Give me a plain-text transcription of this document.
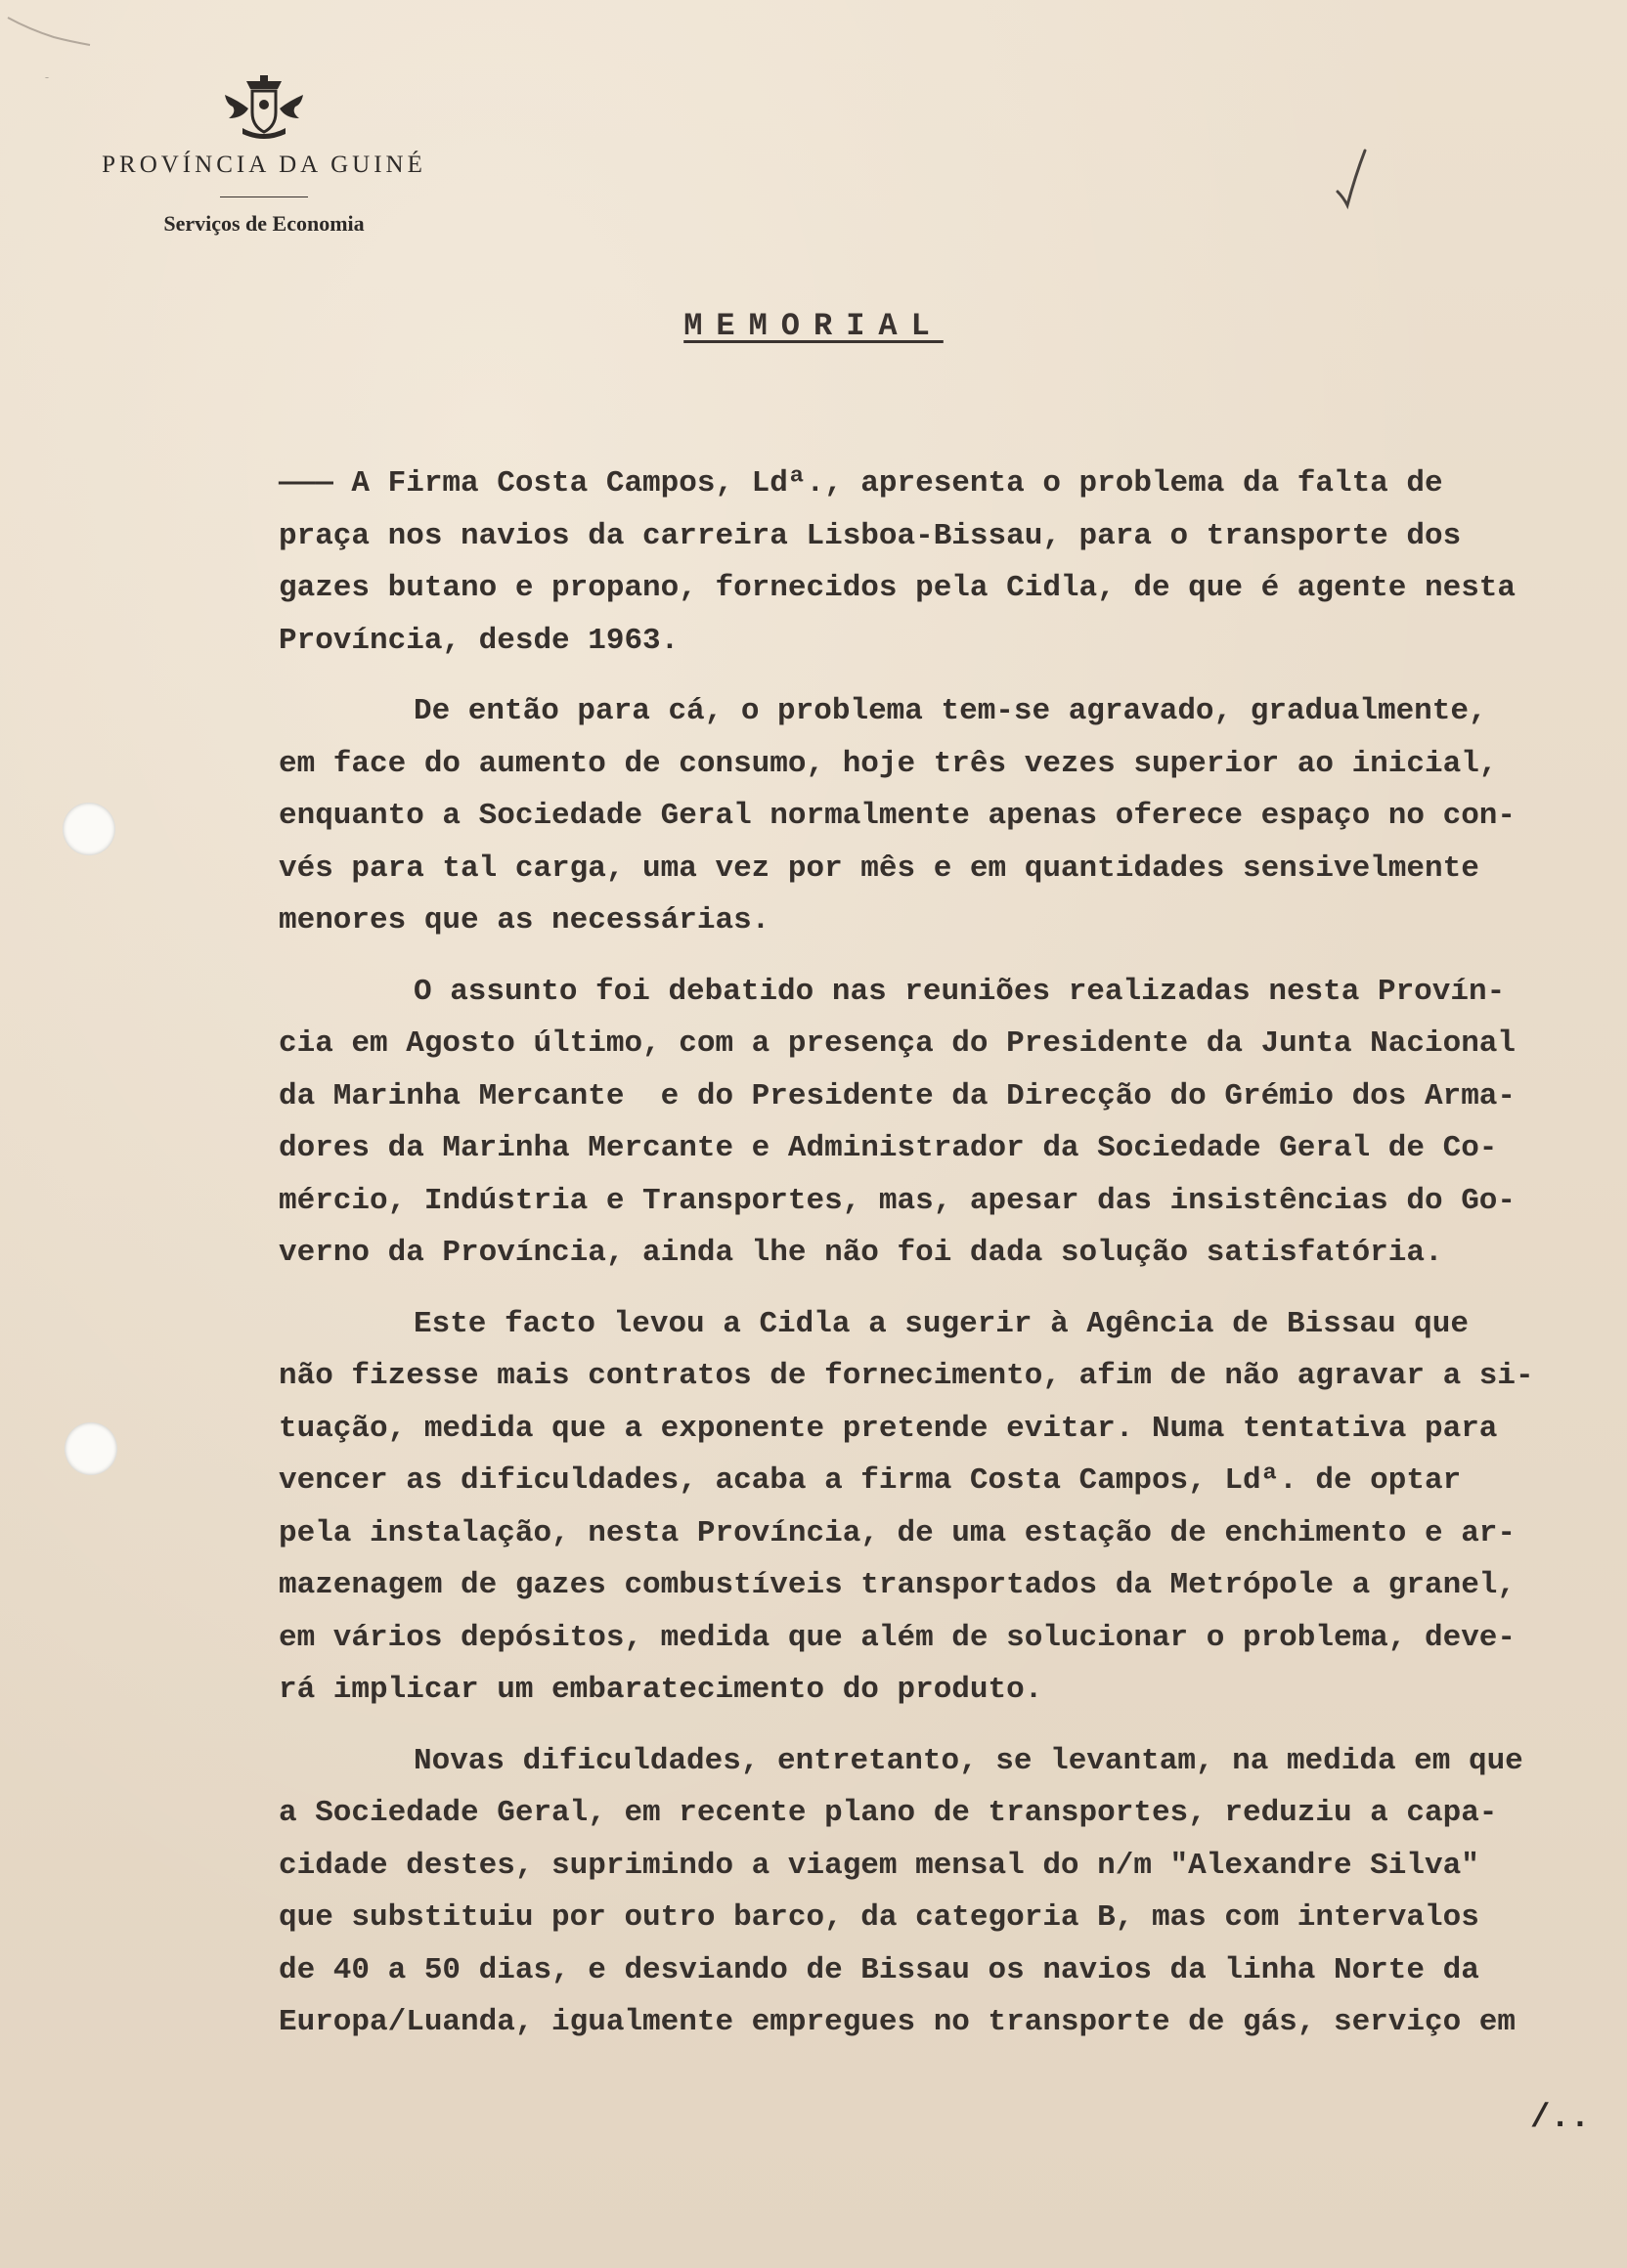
PROVÍNCIA DA GUINÉ
Serviços de Economia
MEMORIAL
——— A Firma Costa Campos, Ldª., apresenta o problema da falta de
praça nos navios da carreira Lisboa-Bissau, para o transporte dos
gazes butano e propano, fornecidos pela Cidla, de que é agente nesta
Província, desde 1963.
De então para cá, o problema tem-se agravado, gradualmente,
em face do aumento de consumo, hoje três vezes superior ao inicial,
enquanto a Sociedade Geral normalmente apenas oferece espaço no con-
vés para tal carga, uma vez por mês e em quantidades sensivelmente
menores que as necessárias.
O assunto foi debatido nas reuniões realizadas nesta Provín-
cia em Agosto último, com a presença do Presidente da Junta Nacional
da Marinha Mercante  e do Presidente da Direcção do Grémio dos Arma-
dores da Marinha Mercante e Administrador da Sociedade Geral de Co-
mércio, Indústria e Transportes, mas, apesar das insistências do Go-
verno da Província, ainda lhe não foi dada solução satisfatória.
Este facto levou a Cidla a sugerir à Agência de Bissau que
não fizesse mais contratos de fornecimento, afim de não agravar a si-
tuação, medida que a exponente pretende evitar. Numa tentativa para
vencer as dificuldades, acaba a firma Costa Campos, Ldª. de optar
pela instalação, nesta Província, de uma estação de enchimento e ar-
mazenagem de gazes combustíveis transportados da Metrópole a granel,
em vários depósitos, medida que além de solucionar o problema, deve-
rá implicar um embaratecimento do produto.
Novas dificuldades, entretanto, se levantam, na medida em que
a Sociedade Geral, em recente plano de transportes, reduziu a capa-
cidade destes, suprimindo a viagem mensal do n/m "Alexandre Silva"
que substituiu por outro barco, da categoria B, mas com intervalos
de 40 a 50 dias, e desviando de Bissau os navios da linha Norte da
Europa/Luanda, igualmente empregues no transporte de gás, serviço em
/..
